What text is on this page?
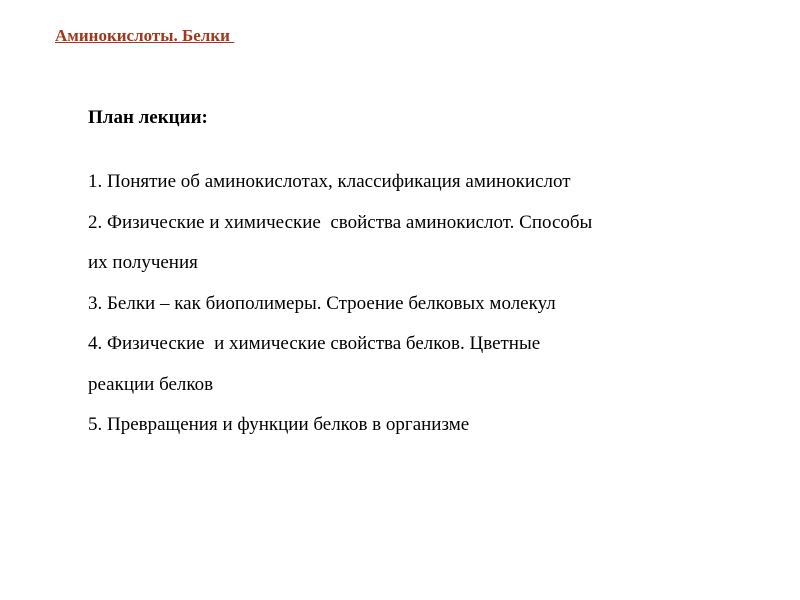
Аминокислоты. Белки
План лекции:
1. Понятие об аминокислотах, классификация аминокислот
2. Физические и химические  свойства аминокислот. Способы
их получения
3. Белки – как биополимеры. Строение белковых молекул
4. Физические  и химические свойства белков. Цветные
реакции белков
5. Превращения и функции белков в организме
